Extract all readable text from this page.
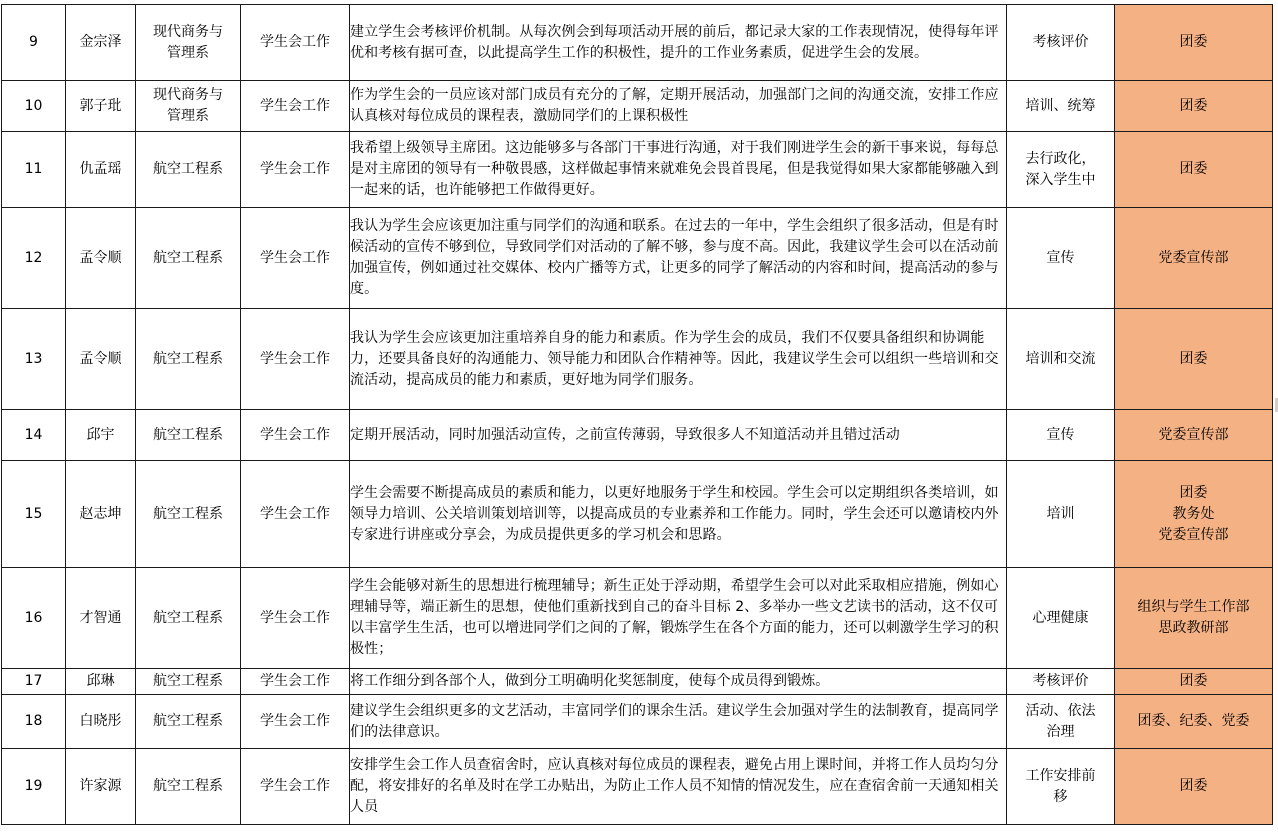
9	金宗泽	现代商务与
管理系	学生会工作	建立学生会考核评价机制。从每次例会到每项活动开展的前后，都记录大家的工作表现情况，使得每年评优和考核有据可查，以此提高学生工作的积极性，提升的工作业务素质，促进学生会的发展。	考核评价	团委

10	郭子玭	现代商务与
管理系	学生会工作	作为学生会的一员应该对部门成员有充分的了解，定期开展活动，加强部门之间的沟通交流，安排工作应认真核对每位成员的课程表，激励同学们的上课积极性	培训、统筹	团委

11	仇孟瑶	航空工程系	学生会工作	我希望上级领导主席团。这边能够多与各部门干事进行沟通，对于我们刚进学生会的新干事来说，每每总是对主席团的领导有一种敬畏感，这样做起事情来就难免会畏首畏尾，但是我觉得如果大家都能够融入到一起来的话，也许能够把工作做得更好。	去行政化，
深入学生中	团委

12	孟令顺	航空工程系	学生会工作	我认为学生会应该更加注重与同学们的沟通和联系。在过去的一年中，学生会组织了很多活动，但是有时候活动的宣传不够到位，导致同学们对活动的了解不够，参与度不高。因此，我建议学生会可以在活动前加强宣传，例如通过社交媒体、校内广播等方式，让更多的同学了解活动的内容和时间，提高活动的参与度。	宣传	党委宣传部

13	孟令顺	航空工程系	学生会工作	我认为学生会应该更加注重培养自身的能力和素质。作为学生会的成员，我们不仅要具备组织和协调能力，还要具备良好的沟通能力、领导能力和团队合作精神等。因此，我建议学生会可以组织一些培训和交流活动，提高成员的能力和素质，更好地为同学们服务。	培训和交流	团委

14	邱宇	航空工程系	学生会工作	定期开展活动，同时加强活动宣传，之前宣传薄弱，导致很多人不知道活动并且错过活动	宣传	党委宣传部

15	赵志坤	航空工程系	学生会工作	学生会需要不断提高成员的素质和能力，以更好地服务于学生和校园。学生会可以定期组织各类培训，如领导力培训、公关培训策划培训等，以提高成员的专业素养和工作能力。同时，学生会还可以邀请校内外专家进行讲座或分享会，为成员提供更多的学习机会和思路。	培训	团委
教务处
党委宣传部

16	才智通	航空工程系	学生会工作	学生会能够对新生的思想进行梳理辅导；新生正处于浮动期，希望学生会可以对此采取相应措施，例如心理辅导等，端正新生的思想，使他们重新找到自己的奋斗目标 2、多举办一些文艺读书的活动，这不仅可以丰富学生生活，也可以增进同学们之间的了解，锻炼学生在各个方面的能力，还可以刺激学生学习的积极性；	心理健康	组织与学生工作部
思政教研部

17	邱琳	航空工程系	学生会工作	将工作细分到各部个人，做到分工明确明化奖惩制度，使每个成员得到锻炼。	考核评价	团委

18	白晓彤	航空工程系	学生会工作	建议学生会组织更多的文艺活动，丰富同学们的课余生活。建议学生会加强对学生的法制教育，提高同学们的法律意识。	活动、依法
治理	团委、纪委、党委

19	许家源	航空工程系	学生会工作	安排学生会工作人员查宿舍时，应认真核对每位成员的课程表，避免占用上课时间，并将工作人员均匀分配，将安排好的名单及时在学工办贴出，为防止工作人员不知情的情况发生，应在查宿舍前一天通知相关人员	工作安排前
移	团委
